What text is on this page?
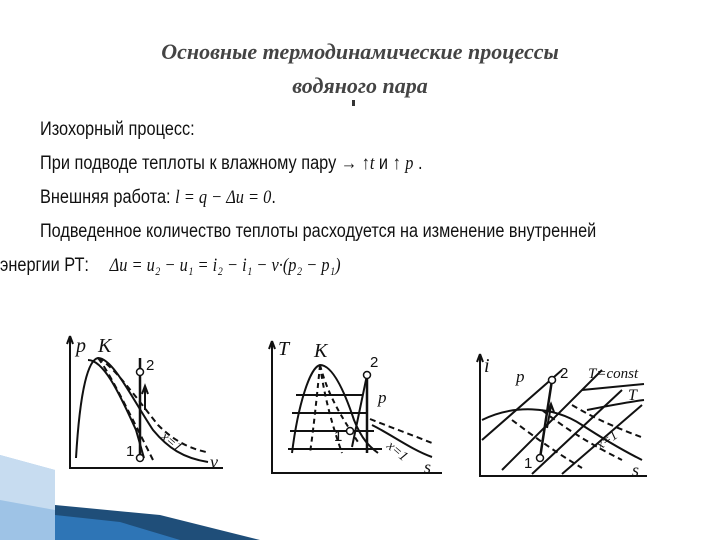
Основные термодинамические процессы
водяного пара
Изохорный процесс:
При подводе теплоты к влажному пару → ↑t и ↑ p .
Внешняя работа: l = q − Δu = 0.
Подведенное количество теплоты расходуется на изменение внутренней
энергии РТ: Δu = u₂ − u₁ = i₂ − i₁ − v·(p₂ − p₁)
p K
2
1 x=1
v
T K
2
1
p
x=1
s
i p 2 T=const
T
1
x=1
s
